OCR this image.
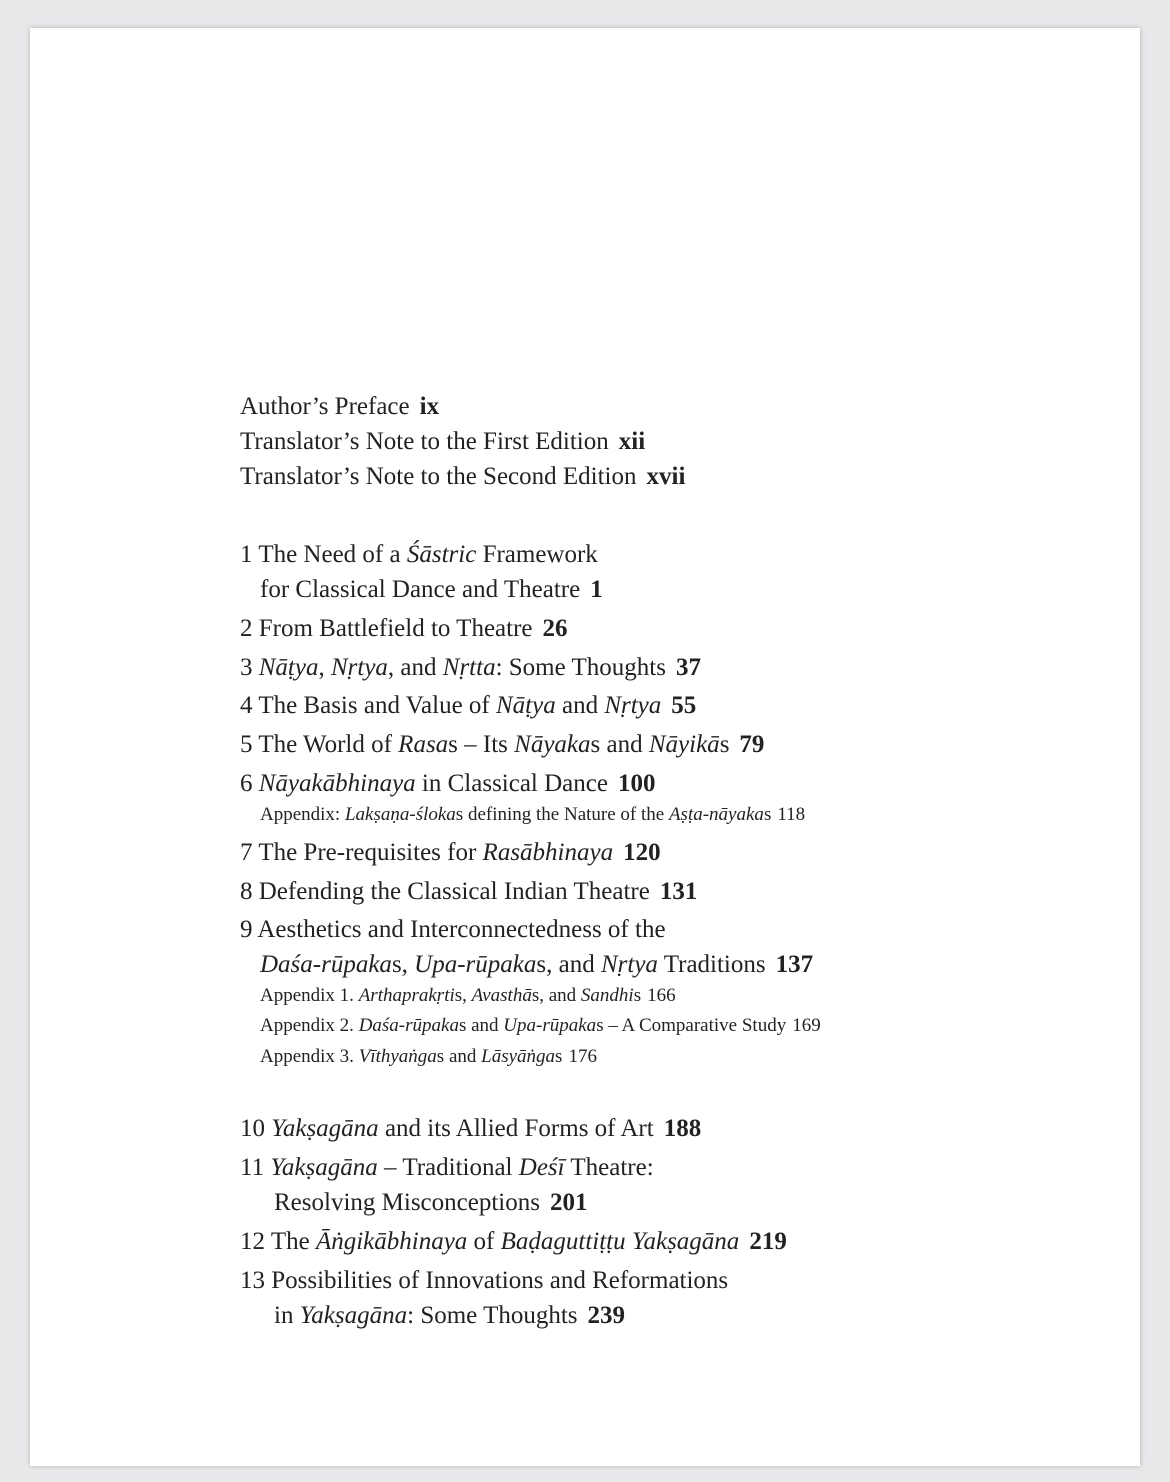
Author’s Preface ix
Translator’s Note to the First Edition xii
Translator’s Note to the Second Edition xvii
1 The Need of a Śāstric Framework
for Classical Dance and Theatre 1
2 From Battlefield to Theatre 26
3 Nāṭya, Nṛtya, and Nṛtta: Some Thoughts 37
4 The Basis and Value of Nāṭya and Nṛtya 55
5 The World of Rasas – Its Nāyakas and Nāyikās 79
6 Nāyakābhinaya in Classical Dance 100
Appendix: Lakṣaṇa-ślokas defining the Nature of the Aṣṭa-nāyakas 118
7 The Pre-requisites for Rasābhinaya 120
8 Defending the Classical Indian Theatre 131
9 Aesthetics and Interconnectedness of the
Daśa-rūpakas, Upa-rūpakas, and Nṛtya Traditions 137
Appendix 1. Arthaprakṛtis, Avasthās, and Sandhis 166
Appendix 2. Daśa-rūpakas and Upa-rūpakas – A Comparative Study 169
Appendix 3. Vīthyaṅgas and Lāsyāṅgas 176
10 Yakṣagāna and its Allied Forms of Art 188
11 Yakṣagāna – Traditional Deśī Theatre:
Resolving Misconceptions 201
12 The Āṅgikābhinaya of Baḍaguttiṭṭu Yakṣagāna 219
13 Possibilities of Innovations and Reformations
in Yakṣagāna: Some Thoughts 239
